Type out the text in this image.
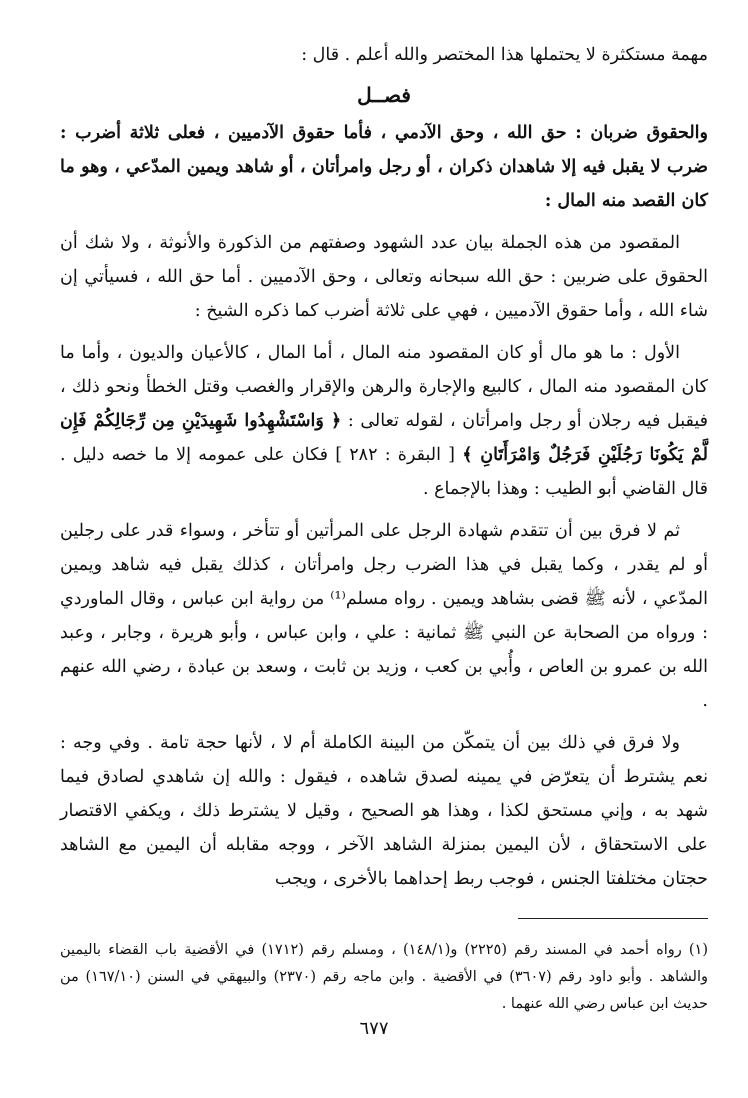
مهمة مستكثرة لا يحتملها هذا المختصر والله أعلم . قال :
فصــل
والحقوق ضربان : حق الله ، وحق الآدمي ، فأما حقوق الآدميين ، فعلى ثلاثة أضرب : ضرب لا يقبل فيه إلا شاهدان ذكران ، أو رجل وامرأتان ، أو شاهد ويمين المدّعي ، وهو ما كان القصد منه المال :

المقصود من هذه الجملة بيان عدد الشهود وصفتهم من الذكورة والأنوثة ، ولا شك أن الحقوق على ضربين : حق الله سبحانه وتعالى ، وحق الآدميين . أما حق الله ، فسيأتي إن شاء الله ، وأما حقوق الآدميين ، فهي على ثلاثة أضرب كما ذكره الشيخ :

الأول : ما هو مال أو كان المقصود منه المال ، أما المال ، كالأعيان والديون ، وأما ما كان المقصود منه المال ، كالبيع والإجارة والرهن والإقرار والغصب وقتل الخطأ ونحو ذلك ، فيقبل فيه رجلان أو رجل وامرأتان ، لقوله تعالى : ﴿ وَاسْتَشْهِدُوا شَهِيدَيْنِ مِن رِّجَالِكُمْ فَإِن لَّمْ يَكُونَا رَجُلَيْنِ فَرَجُلٌ وَامْرَأَتَانِ ﴾ [ البقرة : ٢٨٢ ] فكان على عمومه إلا ما خصه دليل . قال القاضي أبو الطيب : وهذا بالإجماع .

ثم لا فرق بين أن تتقدم شهادة الرجل على المرأتين أو تتأخر ، وسواء قدر على رجلين أو لم يقدر ، وكما يقبل في هذا الضرب رجل وامرأتان ، كذلك يقبل فيه شاهد ويمين المدّعي ، لأنه ﷺ قضى بشاهد ويمين . رواه مسلم⁽¹⁾ من رواية ابن عباس ، وقال الماوردي : ورواه من الصحابة عن النبي ﷺ ثمانية : علي ، وابن عباس ، وأبو هريرة ، وجابر ، وعبد الله بن عمرو بن العاص ، وأُبي بن كعب ، وزيد بن ثابت ، وسعد بن عبادة ، رضي الله عنهم .

ولا فرق في ذلك بين أن يتمكّن من البينة الكاملة أم لا ، لأنها حجة تامة . وفي وجه : نعم يشترط أن يتعرّض في يمينه لصدق شاهده ، فيقول : والله إن شاهدي لصادق فيما شهد به ، وإني مستحق لكذا ، وهذا هو الصحيح ، وقيل لا يشترط ذلك ، ويكفي الاقتصار على الاستحقاق ، لأن اليمين بمنزلة الشاهد الآخر ، ووجه مقابله أن اليمين مع الشاهد حجتان مختلفتا الجنس ، فوجب ربط إحداهما بالأخرى ، ويجب

(١) رواه أحمد في المسند رقم (٢٢٢٥) و(١٤٨/١) ، ومسلم رقم (١٧١٢) في الأقضية باب القضاء باليمين والشاهد . وأبو داود رقم (٣٦٠٧) في الأقضية . وابن ماجه رقم (٢٣٧٠) والبيهقي في السنن (١٦٧/١٠) من حديث ابن عباس رضي الله عنهما .
٦٧٧
